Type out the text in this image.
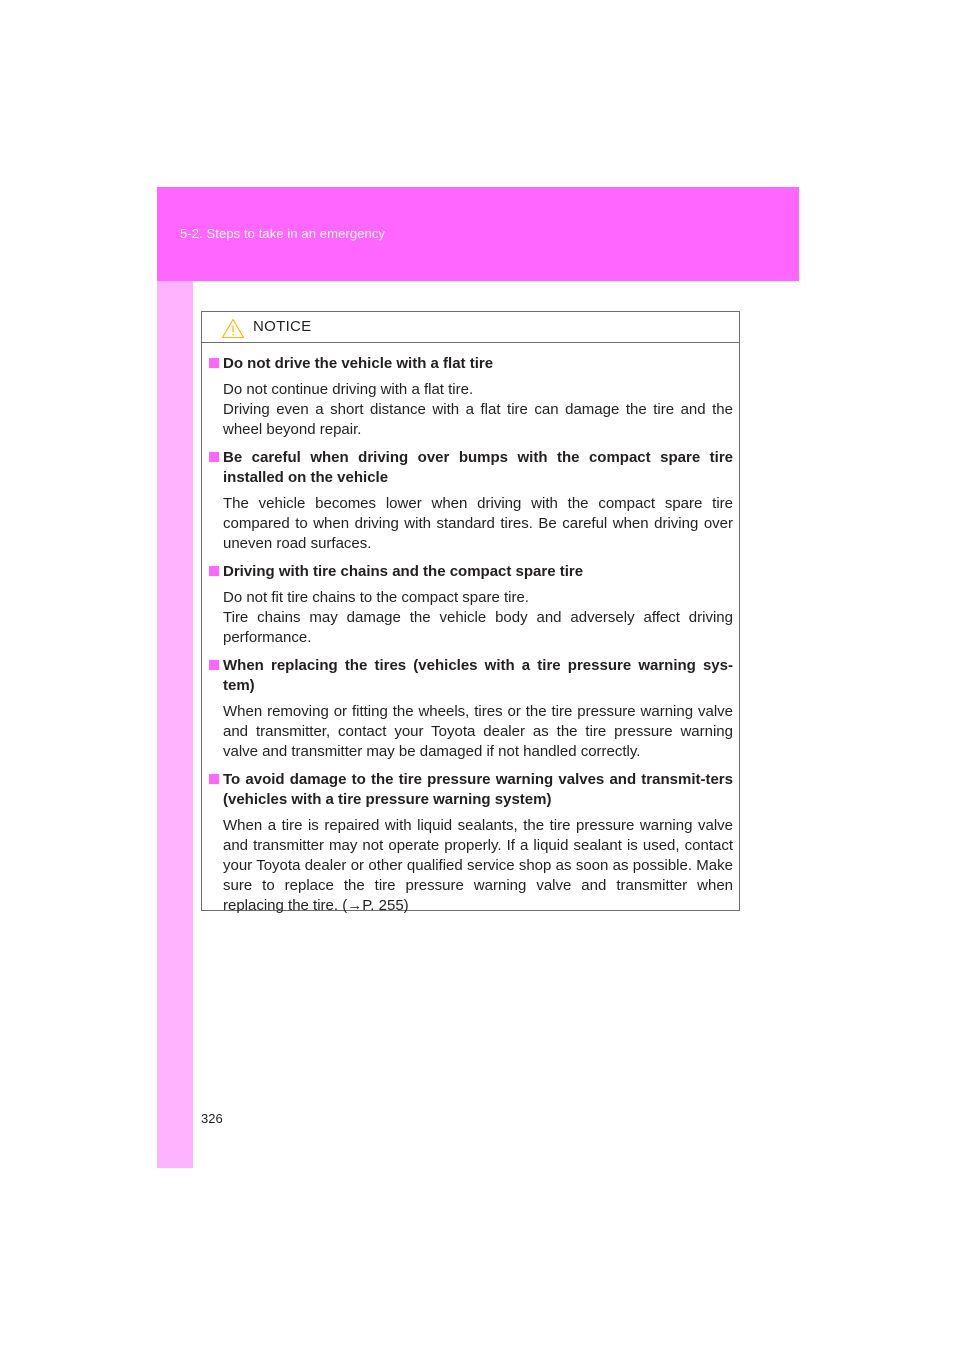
5-2. Steps to take in an emergency
NOTICE
Do not drive the vehicle with a flat tire
Do not continue driving with a flat tire.
Driving even a short distance with a flat tire can damage the tire and the wheel beyond repair.
Be careful when driving over bumps with the compact spare tire installed on the vehicle
The vehicle becomes lower when driving with the compact spare tire compared to when driving with standard tires. Be careful when driving over uneven road surfaces.
Driving with tire chains and the compact spare tire
Do not fit tire chains to the compact spare tire.
Tire chains may damage the vehicle body and adversely affect driving performance.
When replacing the tires (vehicles with a tire pressure warning sys-tem)
When removing or fitting the wheels, tires or the tire pressure warning valve and transmitter, contact your Toyota dealer as the tire pressure warning valve and transmitter may be damaged if not handled correctly.
To avoid damage to the tire pressure warning valves and transmit-ters (vehicles with a tire pressure warning system)
When a tire is repaired with liquid sealants, the tire pressure warning valve and transmitter may not operate properly. If a liquid sealant is used, contact your Toyota dealer or other qualified service shop as soon as possible. Make sure to replace the tire pressure warning valve and transmitter when replacing the tire. (→P. 255)
326
